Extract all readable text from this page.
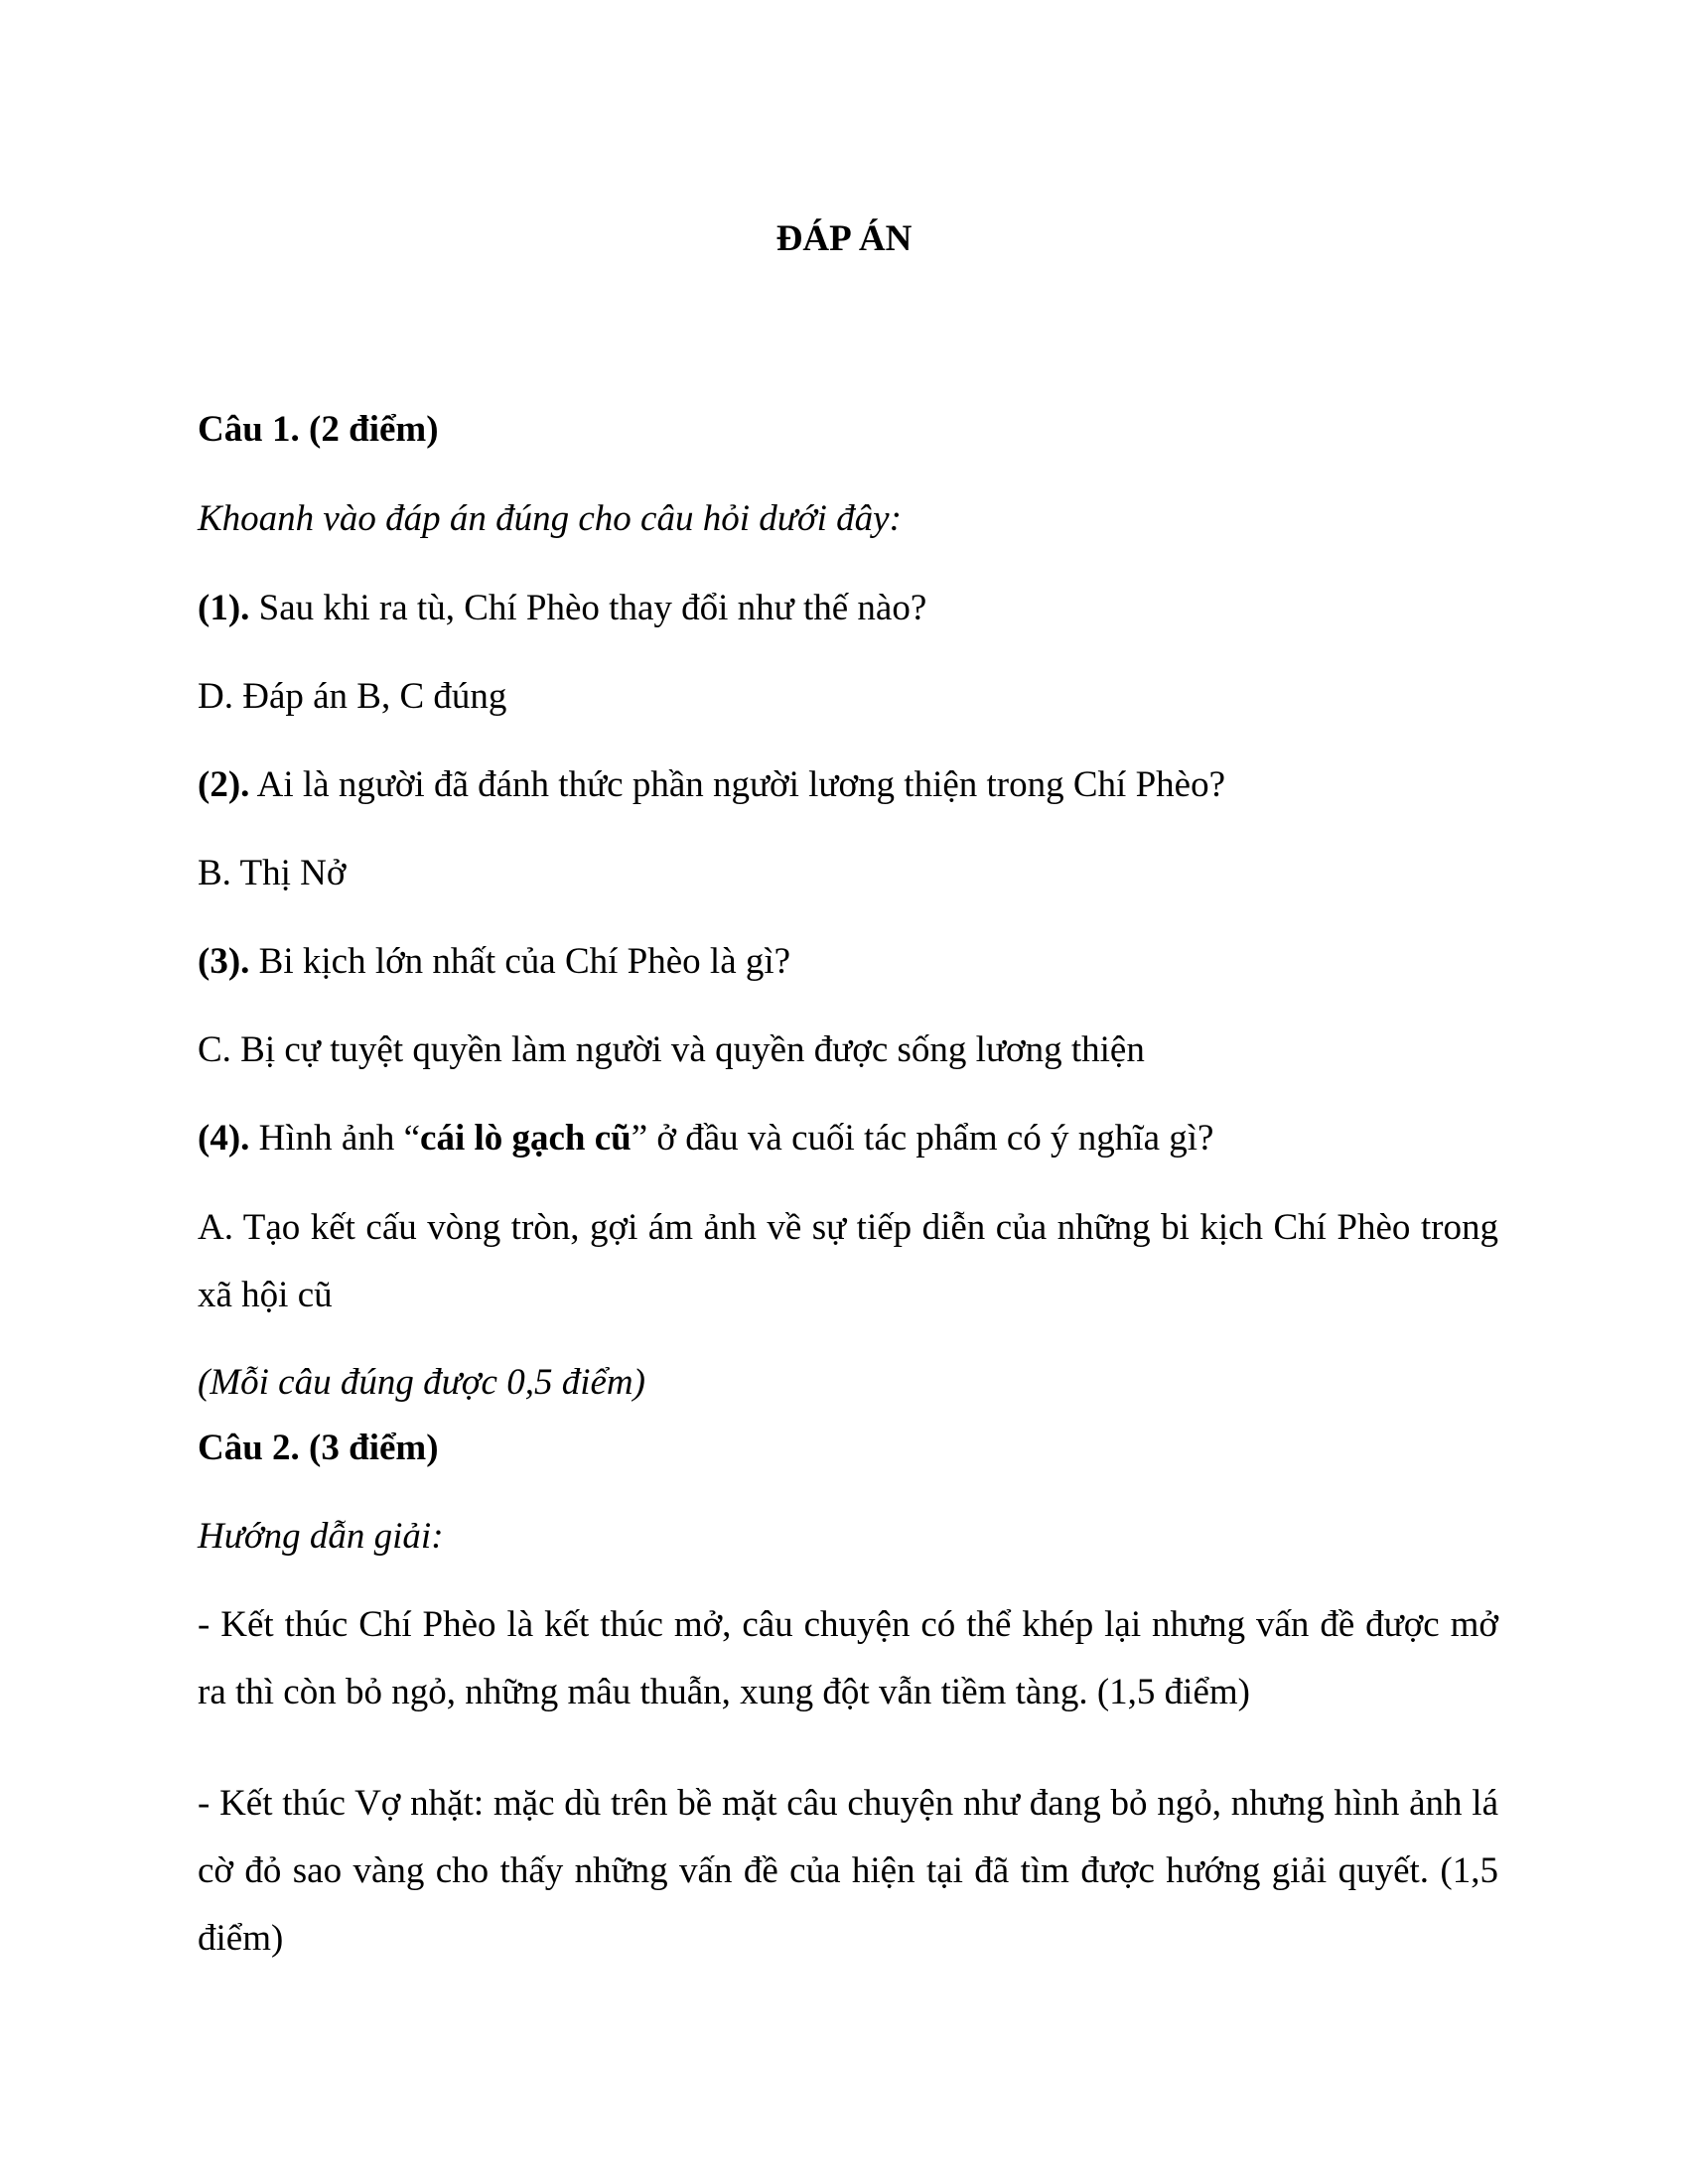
ĐÁP ÁN

Câu 1. (2 điểm)

Khoanh vào đáp án đúng cho câu hỏi dưới đây:

(1). Sau khi ra tù, Chí Phèo thay đổi như thế nào?

D. Đáp án B, C đúng

(2). Ai là người đã đánh thức phần người lương thiện trong Chí Phèo?

B. Thị Nở

(3). Bi kịch lớn nhất của Chí Phèo là gì?

C. Bị cự tuyệt quyền làm người và quyền được sống lương thiện

(4). Hình ảnh “cái lò gạch cũ” ở đầu và cuối tác phẩm có ý nghĩa gì?

A. Tạo kết cấu vòng tròn, gợi ám ảnh về sự tiếp diễn của những bi kịch Chí Phèo trong xã hội cũ

(Mỗi câu đúng được 0,5 điểm)

Câu 2. (3 điểm)

Hướng dẫn giải:

- Kết thúc Chí Phèo là kết thúc mở, câu chuyện có thể khép lại nhưng vấn đề được mở ra thì còn bỏ ngỏ, những mâu thuẫn, xung đột vẫn tiềm tàng. (1,5 điểm)

- Kết thúc Vợ nhặt: mặc dù trên bề mặt câu chuyện như đang bỏ ngỏ, nhưng hình ảnh lá cờ đỏ sao vàng cho thấy những vấn đề của hiện tại đã tìm được hướng giải quyết. (1,5 điểm)
